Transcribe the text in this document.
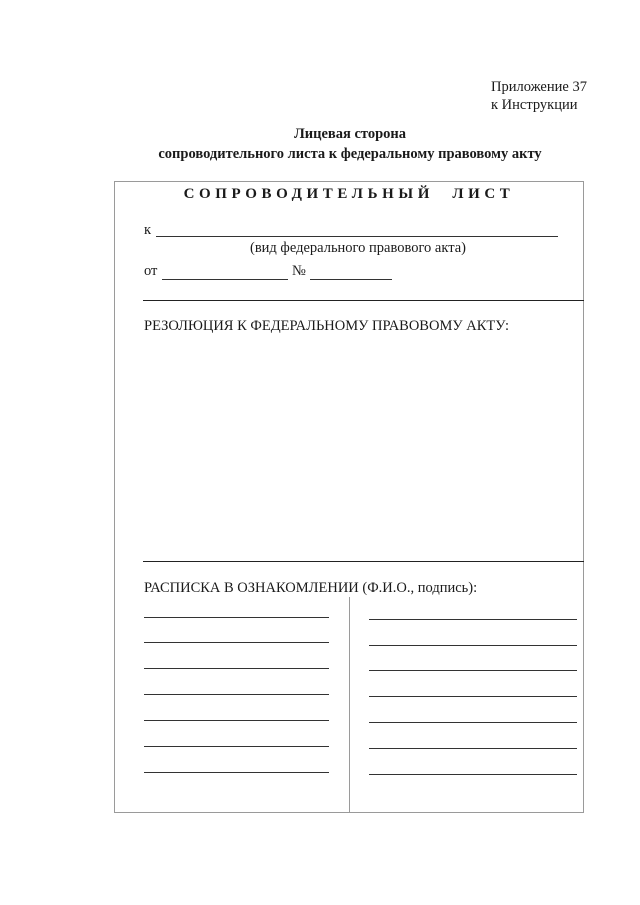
Приложение 37
к Инструкции
Лицевая сторона
сопроводительного листа к федеральному правовому акту
СОПРОВОДИТЕЛЬНЫЙ ЛИСТ
к
(вид федерального правового акта)
от	№
РЕЗОЛЮЦИЯ К ФЕДЕРАЛЬНОМУ ПРАВОВОМУ АКТУ:
РАСПИСКА В ОЗНАКОМЛЕНИИ (Ф.И.О., подпись):
